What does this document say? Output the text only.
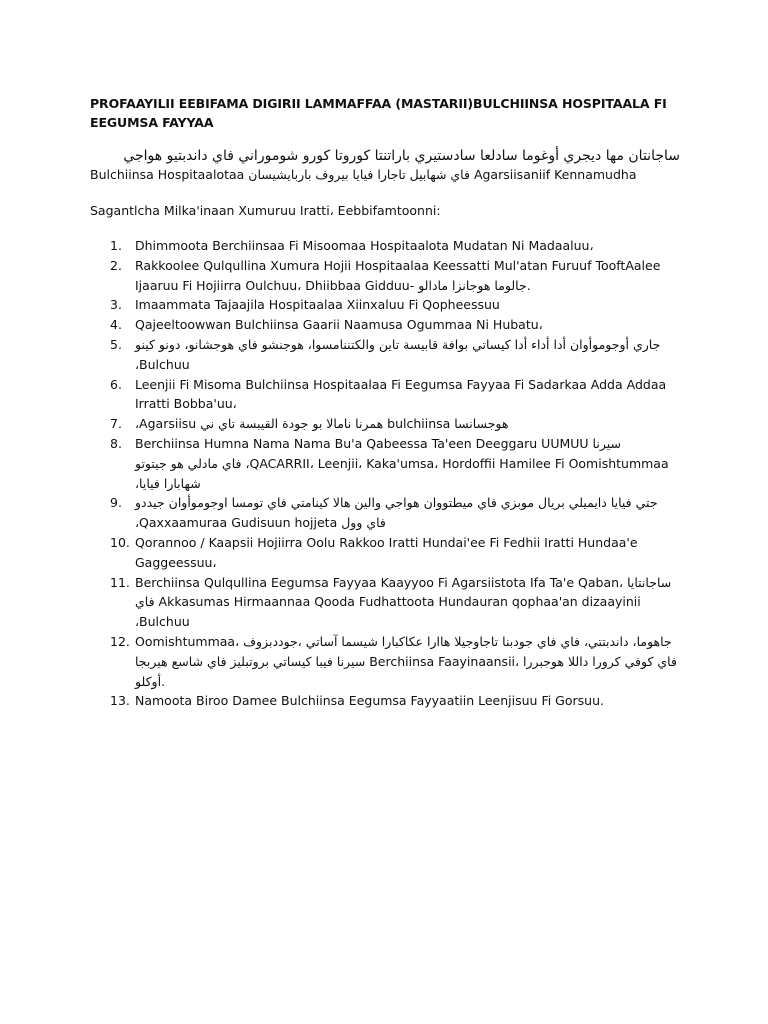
PROFAAYILII EEBIFAMA DIGIRII LAMMAFFAA (MASTARII)BULCHIINSA HOSPITAALA FI EEGUMSA FAYYAA

ساجانتان مها ديجري أوغوما سادلعا سادستيري باراتنتا كوروتا كورو شوموراني فاي داندبتيو هواجي
Bulchiinsa Hospitaalotaa فاي شهابيل تاجارا فيايا بيروف باربايشيسان Agarsiisaniif Kennamudha

Sagantlcha Milka'inaan Xumuruu Iratti، Eebbifamtoonni:

1.	Dhimmoota Berchiinsaa Fi Misoomaa Hospitaalota Mudatan Ni Madaaluu،
2.	Rakkoolee Qulqullina Xumura Hojii Hospitaalaa Keessatti Mul'atan Furuuf TooftAalee Ijaaruu Fi Hojiirra Oulchuu، Dhiibbaa Gidduu- جالوما هوجانزا مادالو.
3.	Imaammata Tajaajila Hospitaalaa Xiinxaluu Fi Qopheessuu
4.	Qajeeltoowwan Bulchiinsa Gaarii Naamusa Ogummaa Ni Hubatu،
5.	جاري أوجوموأوان أدا أداء أدا كيساتي بوافة قابيسة تاين والكتننامسوا، هوجنشو فاي هوجشانو، دونو كينو Bulchuu،
6.	Leenjii Fi Misoma Bulchiinsa Hospitaalaa Fi Eegumsa Fayyaa Fi Sadarkaa Adda Addaa Irratti Bobba'uu،
7.	هوجسانسا bulchiinsa همرنا نامالا بو جودة القيبسة تاي ني Agarsiisu،
8.	سيرنا Berchiinsa Humna Nama Nama Bu'a Qabeessa Ta'een Deeggaru UUMUU QACARRII، Leenjii، Kaka'umsa، Hordoffii Hamilee Fi Oomishtummaa، فاي مادلي هو جيتوتو شهابارا فيايا،
9.	جتي فيايا دايميلي بريال موبزي فاي ميطتووان هواجي والين هالا كينامتي فاي تومسا اوجوموأوان جيددو فاي وول Qaxxaamuraa Gudisuun hojjeta،
10. Qorannoo / Kaapsii Hojiirra Oolu Rakkoo Iratti Hundai'ee Fi Fedhii Iratti Hundaa'e Gaggeessuu،
11. ساجانتايا Berchiinsa Qulqullina Eegumsa Fayyaa Kaayyoo Fi Agarsiistota Ifa Ta'e Qaban، Akkasumas Hirmaannaa Qooda Fudhattoota Hundauran qophaa'an dizaayinii فاي Bulchuu،
12. Oomishtummaa، جاهوما، داندبتتي، فاي فاي جودبنا تاجاوجيلا هاارا عكاكبارا شيسما آساتي ،جوددبزوف سيرنا فيبا كيساتي بروتبليز فاي شاسع هيربجا Berchiinsa Faayinaansii، فاي كوفي كرورا داللا هوجبررا أوكلو.
13. Namoota Biroo Damee Bulchiinsa Eegumsa Fayyaatiin Leenjisuu Fi Gorsuu.
